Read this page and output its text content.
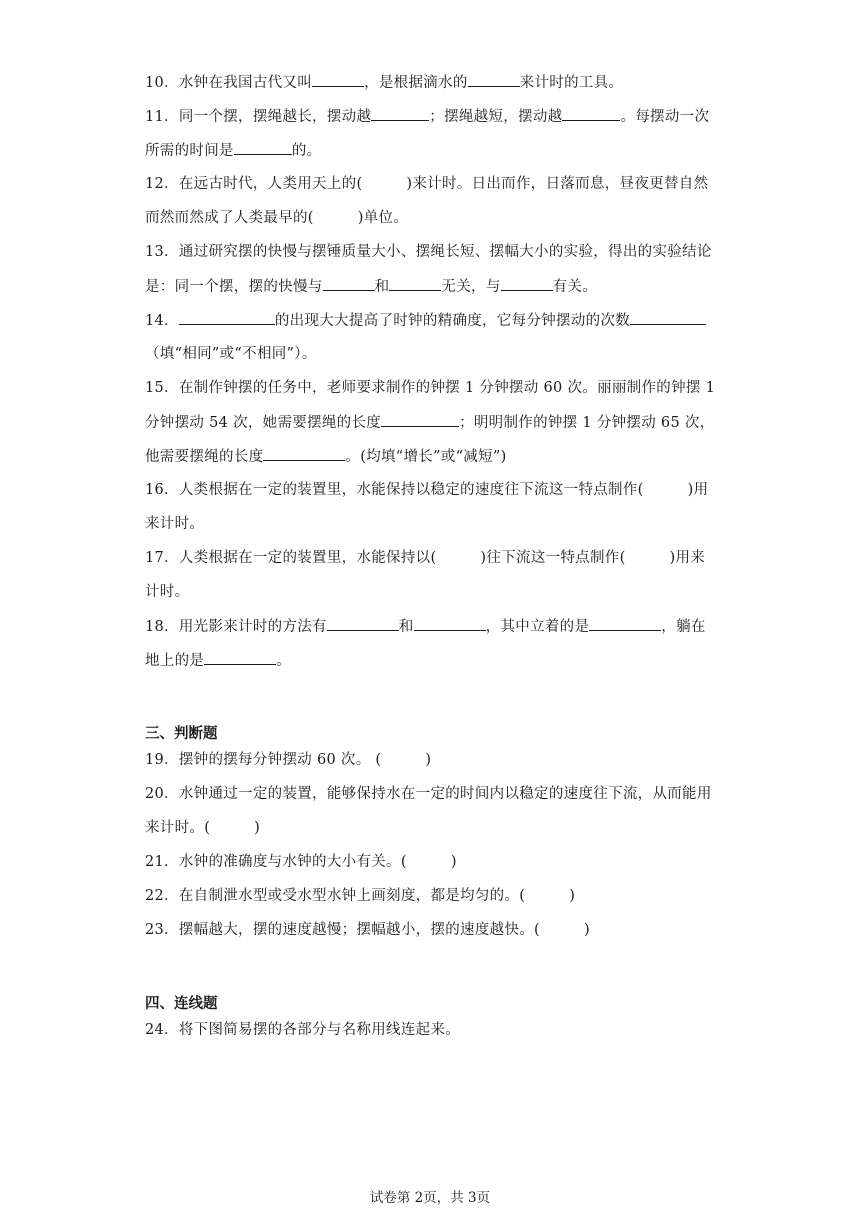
10．水钟在我国古代又叫	，是根据滴水的	来计时的工具。
11．同一个摆，摆绳越长，摆动越	；摆绳越短，摆动越	。每摆动一次
所需的时间是	的。
12．在远古时代，人类用天上的(	)来计时。日出而作，日落而息，昼夜更替自然
而然而然成了人类最早的(	)单位。
13．通过研究摆的快慢与摆锤质量大小、摆绳长短、摆幅大小的实验，得出的实验结论
是：同一个摆，摆的快慢与	和	无关，与	有关。
14．	的出现大大提高了时钟的精确度，它每分钟摆动的次数
（填“相同”或“不相同”）。
15．在制作钟摆的任务中，老师要求制作的钟摆 1 分钟摆动 60 次。丽丽制作的钟摆 1
分钟摆动 54 次，她需要摆绳的长度	；明明制作的钟摆 1 分钟摆动 65 次，
他需要摆绳的长度	。(均填“增长”或“减短”)
16．人类根据在一定的装置里，水能保持以稳定的速度往下流这一特点制作(	)用
来计时。
17．人类根据在一定的装置里，水能保持以(	)往下流这一特点制作(	)用来
计时。
18．用光影来计时的方法有	和	，其中立着的是	，躺在
地上的是	。
三、判断题
19．摆钟的摆每分钟摆动 60 次。 (	)
20．水钟通过一定的装置，能够保持水在一定的时间内以稳定的速度往下流，从而能用
来计时。(	)
21．水钟的准确度与水钟的大小有关。(	)
22．在自制泄水型或受水型水钟上画刻度，都是均匀的。(	)
23．摆幅越大，摆的速度越慢；摆幅越小，摆的速度越快。(	)
四、连线题
24．将下图简易摆的各部分与名称用线连起来。
试卷第 2页，共 3页
